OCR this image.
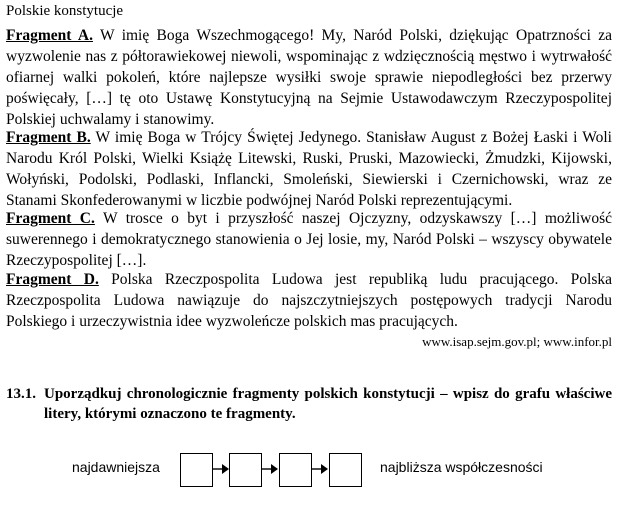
Polskie konstytucje
Fragment A. W imię Boga Wszechmogącego! My, Naród Polski, dziękując Opatrzności za wyzwolenie nas z półtorawiekowej niewoli, wspominając z wdzięcznością męstwo i wytrwałość ofiarnej walki pokoleń, które najlepsze wysiłki swoje sprawie niepodległości bez przerwy poświęcały, […] tę oto Ustawę Konstytucyjną na Sejmie Ustawodawczym Rzeczypospolitej Polskiej uchwalamy i stanowimy.
Fragment B. W imię Boga w Trójcy Świętej Jedynego. Stanisław August z Bożej Łaski i Woli Narodu Król Polski, Wielki Książę Litewski, Ruski, Pruski, Mazowiecki, Żmudzki, Kijowski, Wołyński, Podolski, Podlaski, Inflancki, Smoleński, Siewierski i Czernichowski, wraz ze Stanami Skonfederowanymi w liczbie podwójnej Naród Polski reprezentującymi.
Fragment C. W trosce o byt i przyszłość naszej Ojczyzny, odzyskawszy […] możliwość suwerennego i demokratycznego stanowienia o Jej losie, my, Naród Polski – wszyscy obywatele Rzeczypospolitej […].
Fragment D. Polska Rzeczpospolita Ludowa jest republiką ludu pracującego. Polska Rzeczpospolita Ludowa nawiązuje do najszczytniejszych postępowych tradycji Narodu Polskiego i urzeczywistnia idee wyzwoleńcze polskich mas pracujących.
www.isap.sejm.gov.pl; www.infor.pl
13.1. Uporządkuj chronologicznie fragmenty polskich konstytucji – wpisz do grafu właściwe litery, którymi oznaczono te fragmenty.
najdawniejsza	najbliższa współczesności
